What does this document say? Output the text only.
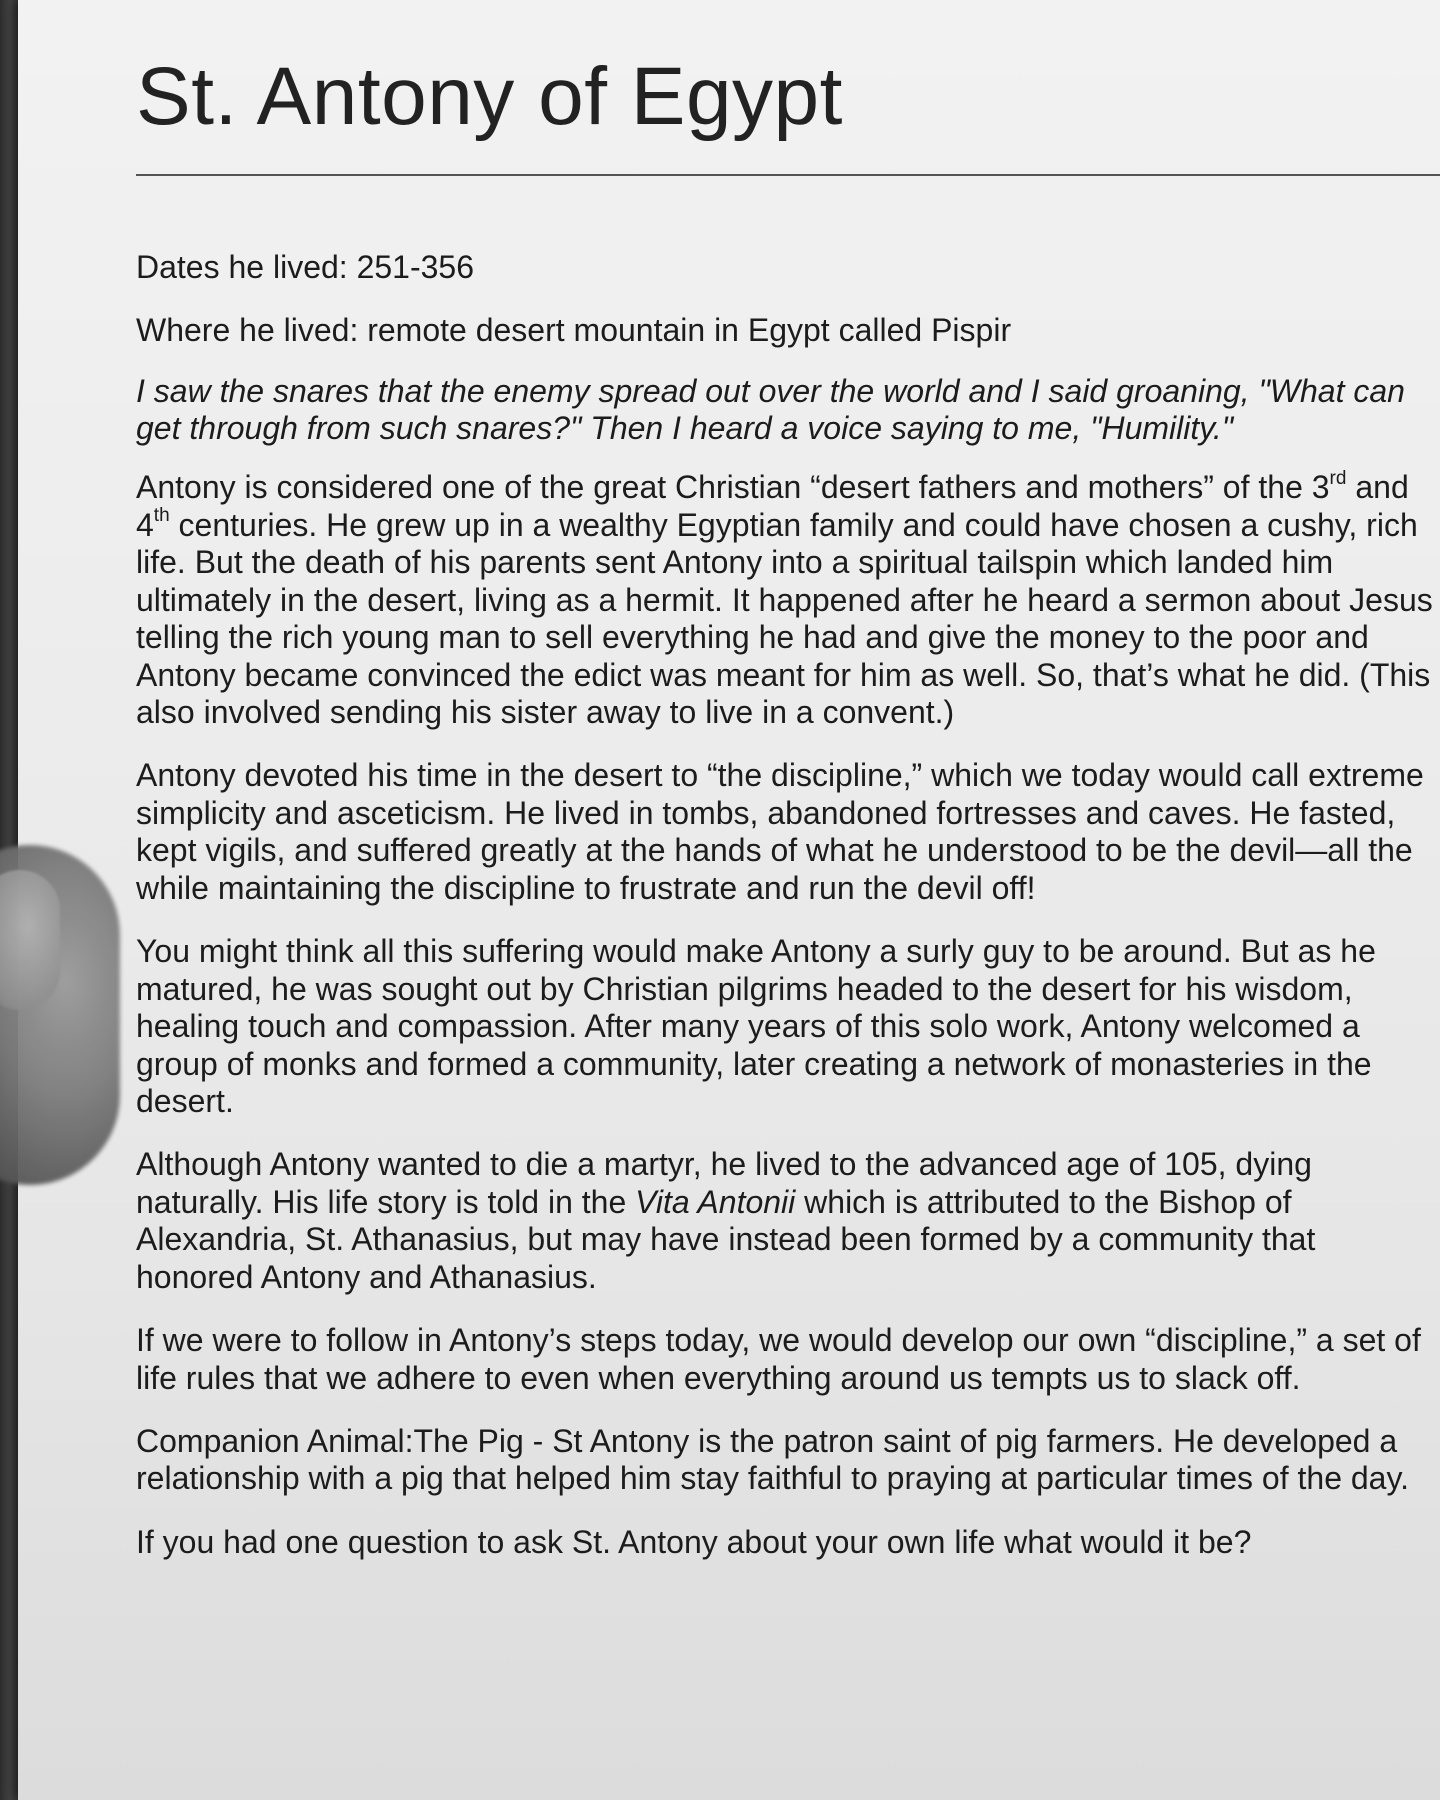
St. Antony of Egypt

Dates he lived: 251-356

Where he lived: remote desert mountain in Egypt called Pispir

I saw the snares that the enemy spread out over the world and I said groaning, "What can get through from such snares?" Then I heard a voice saying to me, "Humility."

Antony is considered one of the great Christian “desert fathers and mothers” of the 3rd and 4th centuries. He grew up in a wealthy Egyptian family and could have chosen a cushy, rich life. But the death of his parents sent Antony into a spiritual tailspin which landed him ultimately in the desert, living as a hermit. It happened after he heard a sermon about Jesus telling the rich young man to sell everything he had and give the money to the poor and Antony became convinced the edict was meant for him as well. So, that’s what he did. (This also involved sending his sister away to live in a convent.)

Antony devoted his time in the desert to “the discipline,” which we today would call extreme simplicity and asceticism. He lived in tombs, abandoned fortresses and caves. He fasted, kept vigils, and suffered greatly at the hands of what he understood to be the devil—all the while maintaining the discipline to frustrate and run the devil off!

You might think all this suffering would make Antony a surly guy to be around. But as he matured, he was sought out by Christian pilgrims headed to the desert for his wisdom, healing touch and compassion. After many years of this solo work, Antony welcomed a group of monks and formed a community, later creating a network of monasteries in the desert.

Although Antony wanted to die a martyr, he lived to the advanced age of 105, dying naturally. His life story is told in the Vita Antonii which is attributed to the Bishop of Alexandria, St. Athanasius, but may have instead been formed by a community that honored Antony and Athanasius.

If we were to follow in Antony’s steps today, we would develop our own “discipline,” a set of life rules that we adhere to even when everything around us tempts us to slack off.

Companion Animal:The Pig - St Antony is the patron saint of pig farmers. He developed a relationship with a pig that helped him stay faithful to praying at particular times of the day.

If you had one question to ask St. Antony about your own life what would it be?
